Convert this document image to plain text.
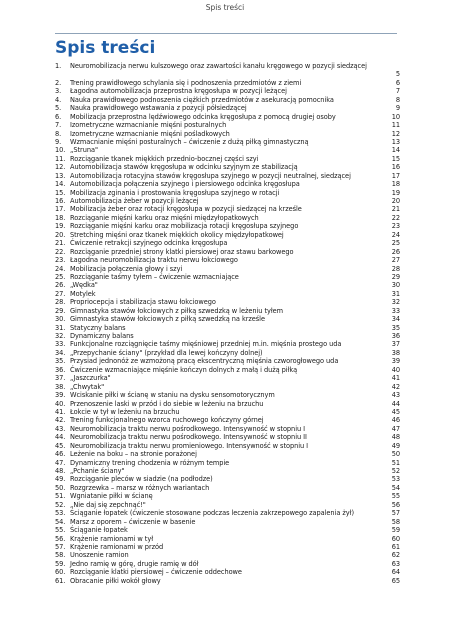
Spis treści
Spis treści
1. Neuromobilizacja nerwu kulszowego oraz zawartości kanału kręgowego w pozycji siedzącej
5
2. Trening prawidłowego schylania się i podnoszenia przedmiotów z ziemi	6
3. Łagodna automobilizacja przeprostna kręgosłupa w pozycji leżącej	7
4. Nauka prawidłowego podnoszenia ciężkich przedmiotów z asekuracją pomocnika	8
5. Nauka prawidłowego wstawania z pozycji półsiedzącej	9
6. Mobilizacja przeprostna lędźwiowego odcinka kręgosłupa z pomocą drugiej osoby	10
7. Izometryczne wzmacnianie mięśni posturalnych	11
8. Izometryczne wzmacnianie mięśni pośladkowych	12
9. Wzmacnianie mięśni posturalnych – ćwiczenie z dużą piłką gimnastyczną	13
10. „Struna"	14
11. Rozciąganie tkanek miękkich przednio-bocznej części szyi	15
12. Automobilizacja stawów kręgosłupa w odcinku szyjnym ze stabilizacją	16
13. Automobilizacja rotacyjna stawów kręgosłupa szyjnego w pozycji neutralnej, siedzącej	17
14. Automobilizacja połączenia szyjnego i piersiowego odcinka kręgosłupa	18
15. Mobilizacja zginania i prostowania kręgosłupa szyjnego w rotacji	19
16. Automobilizacja żeber w pozycji leżącej	20
17. Mobilizacja żeber oraz rotacji kręgosłupa w pozycji siedzącej na krześle	21
18. Rozciąganie mięśni karku oraz mięśni międzyłopatkowych	22
19. Rozciąganie mięśni karku oraz mobilizacja rotacji kręgosłupa szyjnego	23
20. Stretching mięśni oraz tkanek miękkich okolicy międzyłopatkowej	24
21. Ćwiczenie retrakcji szyjnego odcinka kręgosłupa	25
22. Rozciąganie przedniej strony klatki piersiowej oraz stawu barkowego	26
23. Łagodna neuromobilizacja traktu nerwu łokciowego	27
24. Mobilizacja połączenia głowy i szyi	28
25. Rozciąganie taśmy tyłem – ćwiczenie wzmacniające	29
26. „Wędka"	30
27. Motylek	31
28. Propriocepcja i stabilizacja stawu łokciowego	32
29. Gimnastyka stawów łokciowych z piłką szwedzką w leżeniu tyłem	33
30. Gimnastyka stawów łokciowych z piłką szwedzką na krześle	34
31. Statyczny balans	35
32. Dynamiczny balans	36
33. Funkcjonalne rozciągnięcie taśmy mięśniowej przedniej m.in. mięśnia prostego uda	37
34. „Przepychanie ściany" (przykład dla lewej kończyny dolnej)	38
35. Przysiad jednonóż ze wzmożoną pracą ekscentryczną mięśnia czworogłowego uda	39
36. Ćwiczenie wzmacniające mięśnie kończyn dolnych z małą i dużą piłką	40
37. „Jaszczurka"	41
38. „Chwytak"	42
39. Wciskanie piłki w ścianę w staniu na dysku sensomotorycznym	43
40. Przenoszenie laski w przód i do siebie w leżeniu na brzuchu	44
41. Łokcie w tył w leżeniu na brzuchu	45
42. Trening funkcjonalnego wzorca ruchowego kończyny górnej	46
43. Neuromobilizacja traktu nerwu pośrodkowego. Intensywność w stopniu I	47
44. Neuromobilizacja traktu nerwu pośrodkowego. Intensywność w stopniu II	48
45. Neuromobilizacja traktu nerwu promieniowego. Intensywność w stopniu I	49
46. Leżenie na boku – na stronie porażonej	50
47. Dynamiczny trening chodzenia w różnym tempie	51
48. „Pchanie ściany"	52
49. Rozciąganie pleców w siadzie (na podłodze)	53
50. Rozgrzewka – marsz w różnych wariantach	54
51. Wgniatanie piłki w ścianę	55
52. „Nie daj się zepchnąć!"	56
53. Ściąganie łopatek (ćwiczenie stosowane podczas leczenia zakrzepowego zapalenia żył)	57
54. Marsz z oporem – ćwiczenie w basenie	58
55. Ściąganie łopatek	59
56. Krążenie ramionami w tył	60
57. Krążenie ramionami w przód	61
58. Unoszenie ramion	62
59. Jedno ramię w górę, drugie ramię w dół	63
60. Rozciąganie klatki piersiowej – ćwiczenie oddechowe	64
61. Obracanie piłki wokół głowy	65
